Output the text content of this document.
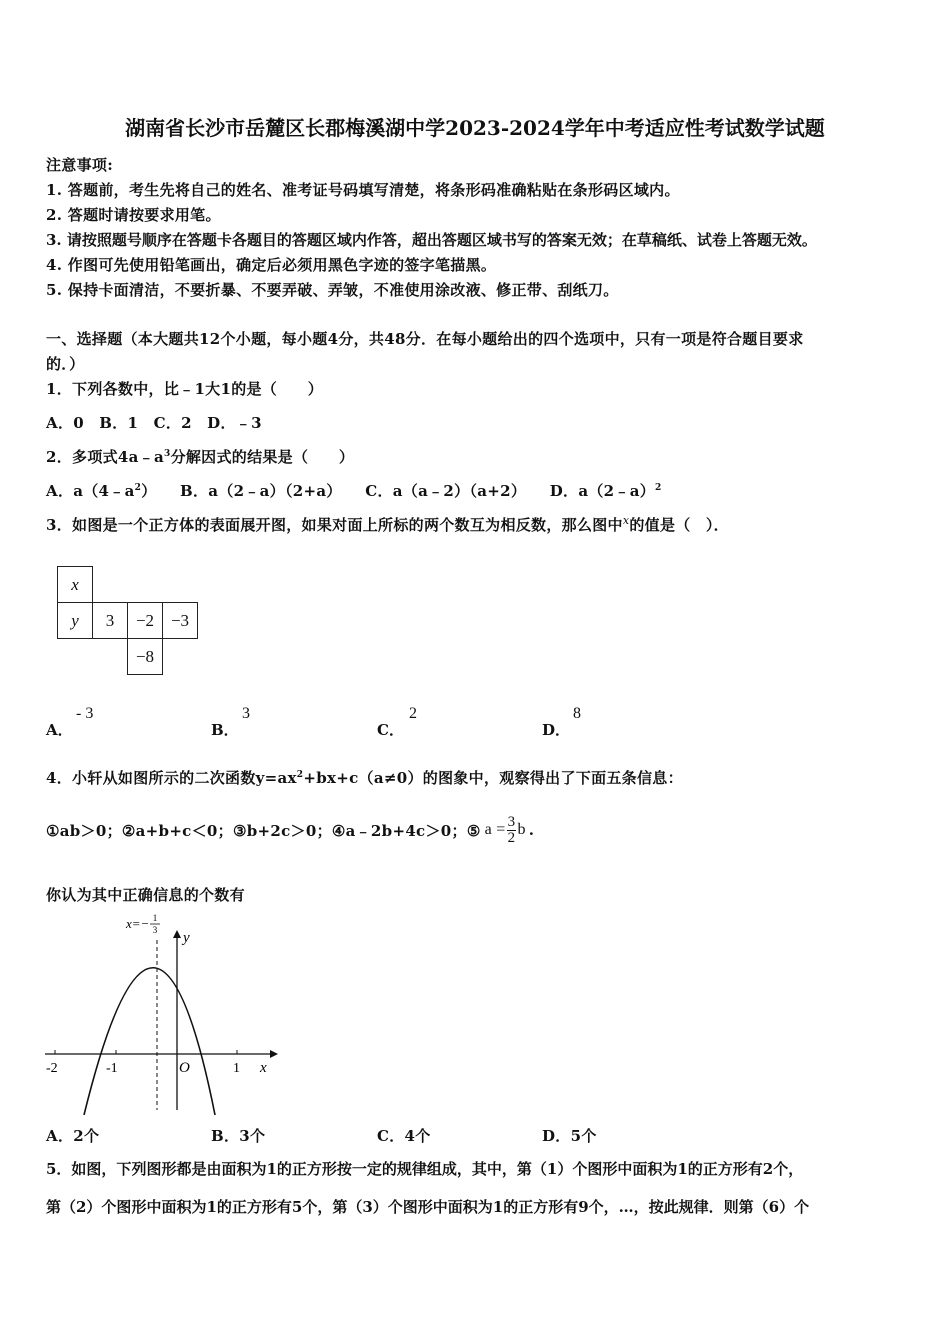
湖南省长沙市岳麓区长郡梅溪湖中学2023-2024学年中考适应性考试数学试题
注意事项:
1. 答题前，考生先将自己的姓名、准考证号码填写清楚，将条形码准确粘贴在条形码区域内。
2. 答题时请按要求用笔。
3. 请按照题号顺序在答题卡各题目的答题区域内作答，超出答题区域书写的答案无效；在草稿纸、试卷上答题无效。
4. 作图可先使用铅笔画出，确定后必须用黑色字迹的签字笔描黑。
5. 保持卡面清洁，不要折暴、不要弄破、弄皱，不准使用涂改液、修正带、刮纸刀。
一、选择题（本大题共12个小题，每小题4分，共48分．在每小题给出的四个选项中，只有一项是符合题目要求
的．）
1．下列各数中，比﹣1大1的是（　　）
A．0　B．1　C．2　D．﹣3
2．多项式$4a﹣a^3$分解因式的结果是（　　）
A．$a(4﹣a^2)$ B．a（2﹣a）（2+a） C．a（a﹣2）（a+2） D．a（2﹣a）$^2$
3．如图是一个正方体的表面展开图，如果对面上所标的两个数互为相反数，那么图中$^x$的值是（　）．
x			
y	3	−2	−3
		−8	
A．
- 3
B．
3
C．
2
D．
8
4．小轩从如图所示的二次函数$y=ax^2+bx+c(a\ne 0)$的图象中，观察得出了下面五条信息：
①ab＞0；②a+b+c＜0；③b+2c＞0；④a﹣2b+4c＞0；⑤ $a = \frac{3}{2}$ b .
你认为其中正确信息的个数有
x=− 1
3 y
x
O
-2	-1	1
A．2个	B．3个	C．4个	D．5个
5．如图，下列图形都是由面积为1的正方形按一定的规律组成，其中，第（1）个图形中面积为1的正方形有2个，
第（2）个图形中面积为1的正方形有5个，第（3）个图形中面积为1的正方形有9个，…，按此规律．则第（6）个
